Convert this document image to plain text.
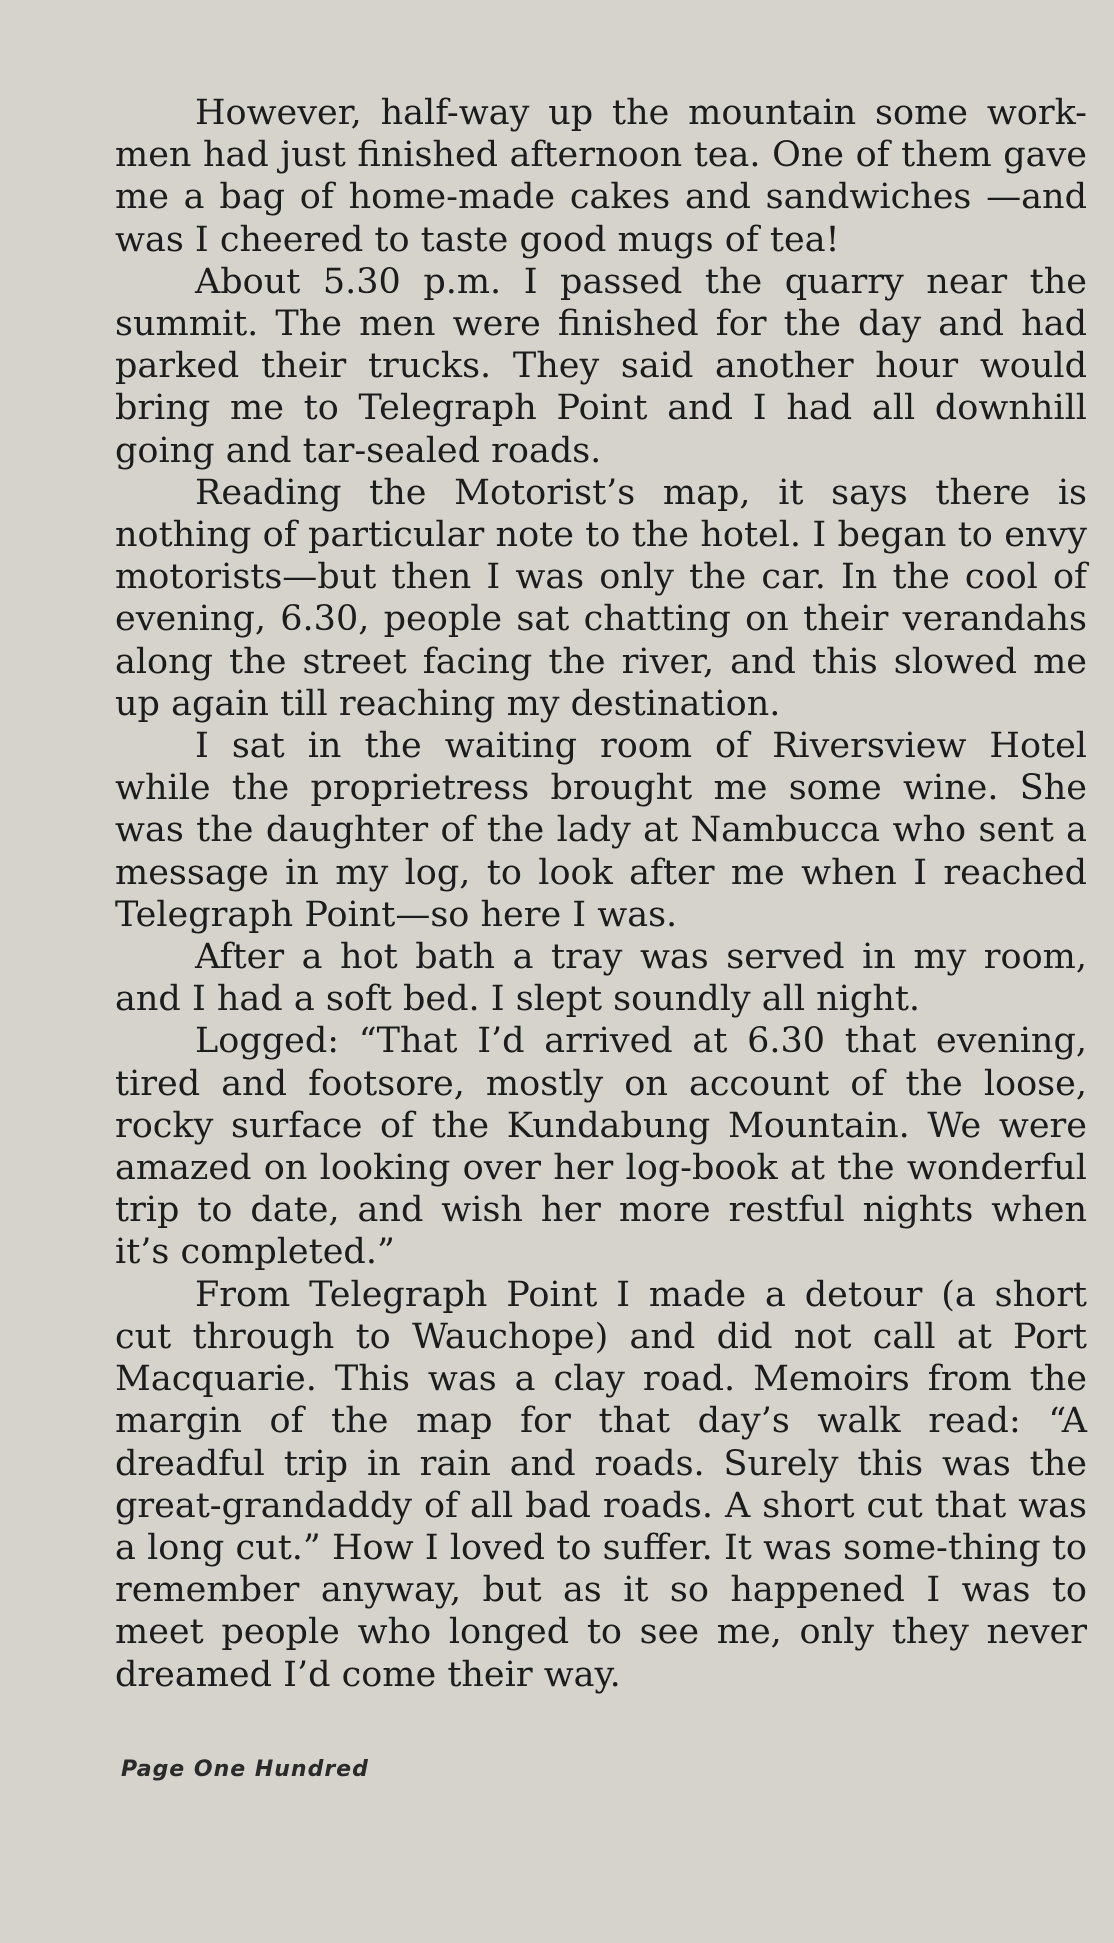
However, half-way up the mountain some work-men had just finished afternoon tea. One of them gave me a bag of home-made cakes and sandwiches —and was I cheered to taste good mugs of tea!

About 5.30 p.m. I passed the quarry near the summit. The men were finished for the day and had parked their trucks. They said another hour would bring me to Telegraph Point and I had all downhill going and tar-sealed roads.

Reading the Motorist’s map, it says there is nothing of particular note to the hotel. I began to envy motorists—but then I was only the car. In the cool of evening, 6.30, people sat chatting on their verandahs along the street facing the river, and this slowed me up again till reaching my destination.

I sat in the waiting room of Riversview Hotel while the proprietress brought me some wine. She was the daughter of the lady at Nambucca who sent a message in my log, to look after me when I reached Telegraph Point—so here I was.

After a hot bath a tray was served in my room, and I had a soft bed. I slept soundly all night.

Logged: “That I’d arrived at 6.30 that evening, tired and footsore, mostly on account of the loose, rocky surface of the Kundabung Mountain. We were amazed on looking over her log-book at the wonderful trip to date, and wish her more restful nights when it’s completed.”

From Telegraph Point I made a detour (a short cut through to Wauchope) and did not call at Port Macquarie. This was a clay road. Memoirs from the margin of the map for that day’s walk read: “A dreadful trip in rain and roads. Surely this was the great-grandaddy of all bad roads. A short cut that was a long cut.” How I loved to suffer. It was some-thing to remember anyway, but as it so happened I was to meet people who longed to see me, only they never dreamed I’d come their way.

Page One Hundred
